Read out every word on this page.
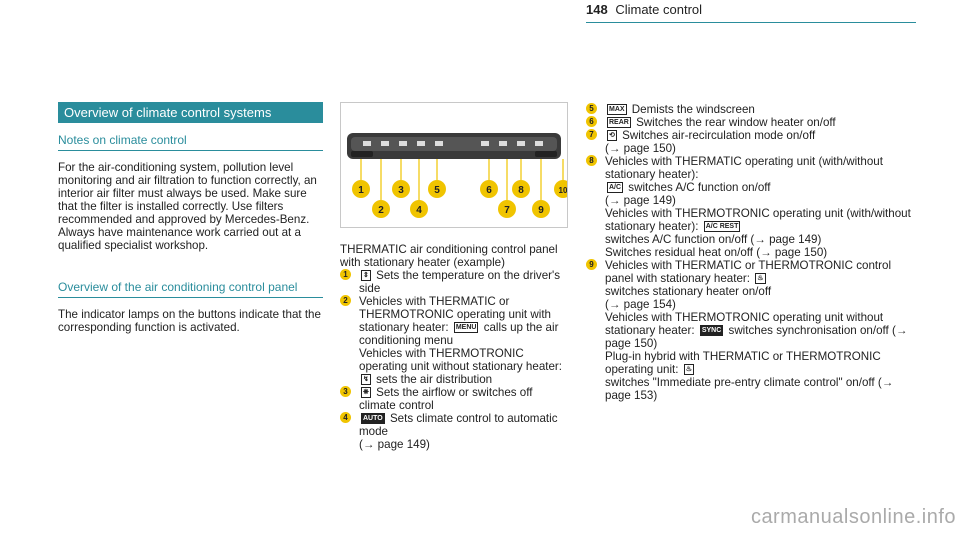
148 Climate control
Overview of climate control systems
Notes on climate control
For the air-conditioning system, pollution level monitoring and air filtration to function correctly, an interior air filter must always be used. Make sure that the filter is installed correctly. Use filters recommended and approved by Mercedes-Benz. Always have maintenance work carried out at a qualified specialist workshop.
Overview of the air conditioning control panel
The indicator lamps on the buttons indicate that the corresponding function is activated.
1
2
3
4
5	6
7
8
9
10
THERMATIC air conditioning control panel with stationary heater (example)
1	⇕ Sets the temperature on the driver's side
2 Vehicles with THERMATIC or THERMOTRONIC operating unit with stationary heater: MENU calls up the air conditioning menu
Vehicles with THERMOTRONIC operating unit without stationary heater: ↯ sets the air distribution
3	❋ Sets the airflow or switches off climate control
4	AUTO Sets climate control to automatic mode
(→ page 149)
5	MAX Demists the windscreen
6	REAR Switches the rear window heater on/off
7	⟲ Switches air-recirculation mode on/off
(→ page 150)
8 Vehicles with THERMATIC operating unit (with/without stationary heater):
A/C switches A/C function on/off
(→ page 149)
Vehicles with THERMOTRONIC operating unit (with/without stationary heater): A/C REST
switches A/C function on/off (→ page 149)
Switches residual heat on/off (→ page 150)
9 Vehicles with THERMATIC or THERMOTRONIC control panel with stationary heater: ♨
switches stationary heater on/off
(→ page 154)
Vehicles with THERMOTRONIC operating unit without stationary heater: SYNC switches synchronisation on/off (→ page 150)
Plug-in hybrid with THERMATIC or THERMOTRONIC operating unit: ♨
switches "Immediate pre-entry climate control" on/off (→ page 153)
carmanualsonline.info
